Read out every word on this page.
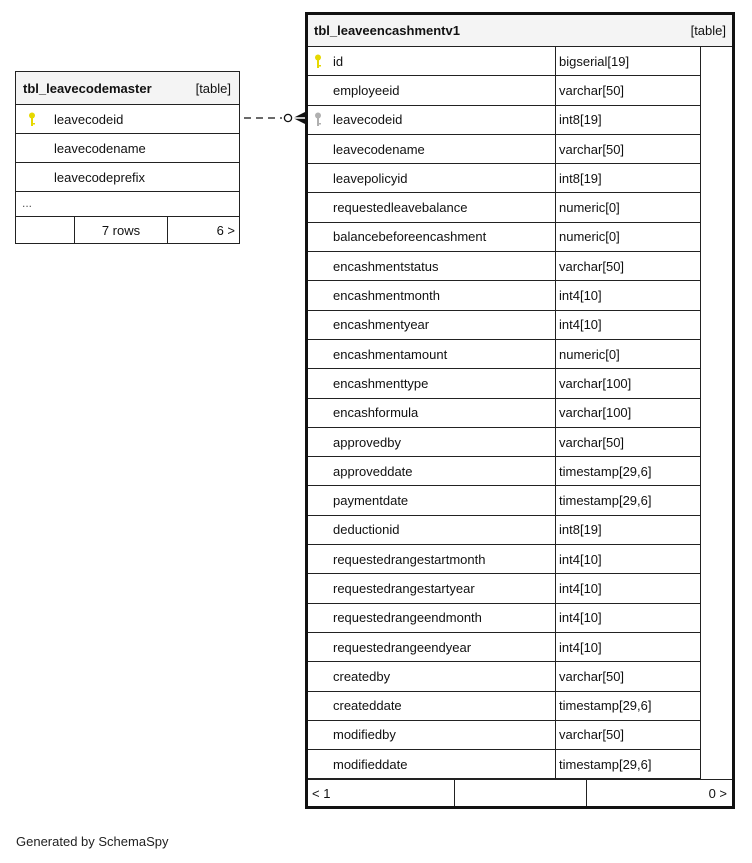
tbl_leavecodemaster	[table]
leavecodeid
leavecodename
leavecodeprefix
...
7 rows	6 >
tbl_leaveencashmentv1	[table]
id	bigserial[19]
employeeid	varchar[50]
leavecodeid	int8[19]
leavecodename	varchar[50]
leavepolicyid	int8[19]
requestedleavebalance	numeric[0]
balancebeforeencashment	numeric[0]
encashmentstatus	varchar[50]
encashmentmonth	int4[10]
encashmentyear	int4[10]
encashmentamount	numeric[0]
encashmenttype	varchar[100]
encashformula	varchar[100]
approvedby	varchar[50]
approveddate	timestamp[29,6]
paymentdate	timestamp[29,6]
deductionid	int8[19]
requestedrangestartmonth	int4[10]
requestedrangestartyear	int4[10]
requestedrangeendmonth	int4[10]
requestedrangeendyear	int4[10]
createdby	varchar[50]
createddate	timestamp[29,6]
modifiedby	varchar[50]
modifieddate	timestamp[29,6]
< 1	0 >
Generated by SchemaSpy
